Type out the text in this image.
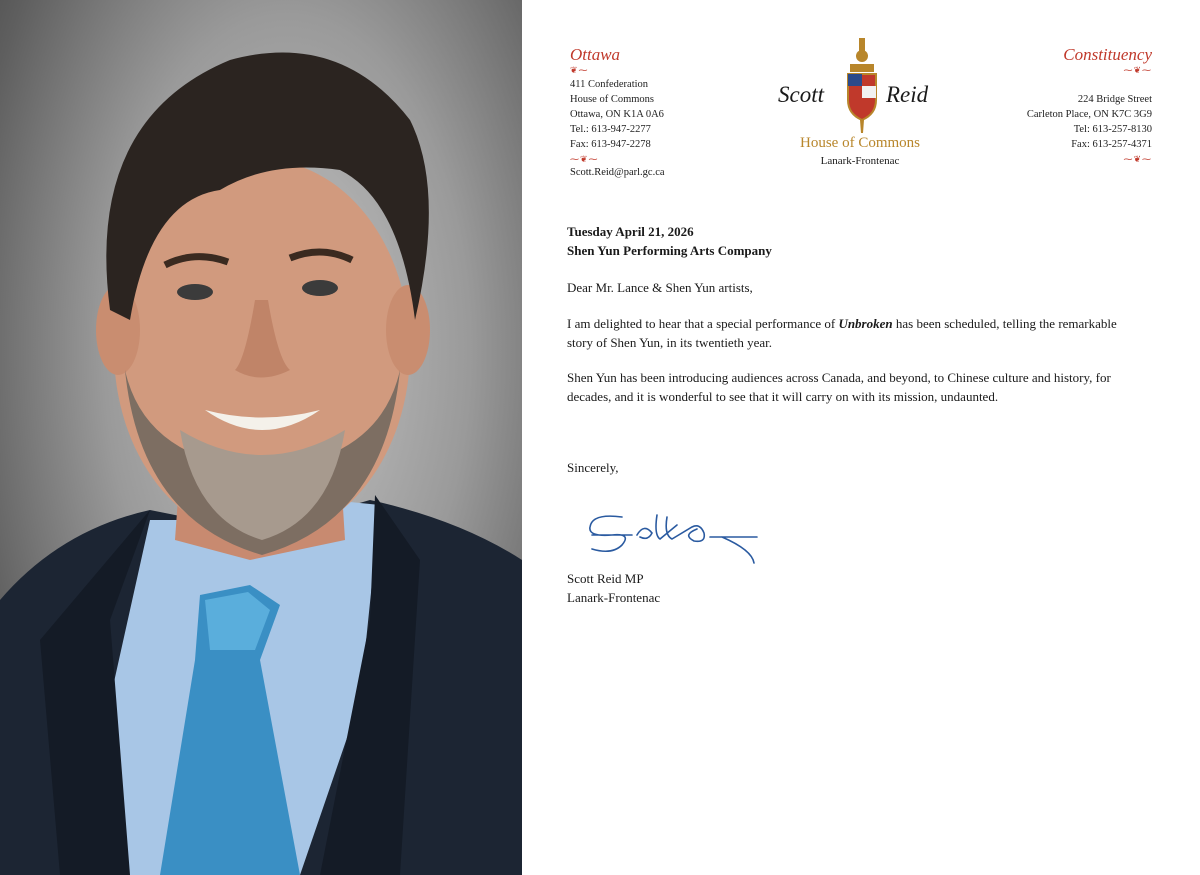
Ottawa
❦⁓
411 Confederation
House of Commons
Ottawa, ON K1A 0A6
Tel.: 613-947-2277
Fax: 613-947-2278
⁓❦⁓
Scott.Reid@parl.gc.ca
Scott	Reid
House of Commons
Lanark-Frontenac
Constituency
⁓❦⁓
224 Bridge Street
Carleton Place, ON K7C 3G9
Tel: 613-257-8130
Fax: 613-257-4371
⁓❦⁓
Tuesday April 21, 2026
Shen Yun Performing Arts Company
Dear Mr. Lance & Shen Yun artists,
I am delighted to hear that a special performance of Unbroken has been scheduled, telling the remarkable story of Shen Yun, in its twentieth year.
Shen Yun has been introducing audiences across Canada, and beyond, to Chinese culture and history, for decades, and it is wonderful to see that it will carry on with its mission, undaunted.
Sincerely,
Scott Reid MP
Lanark-Frontenac
